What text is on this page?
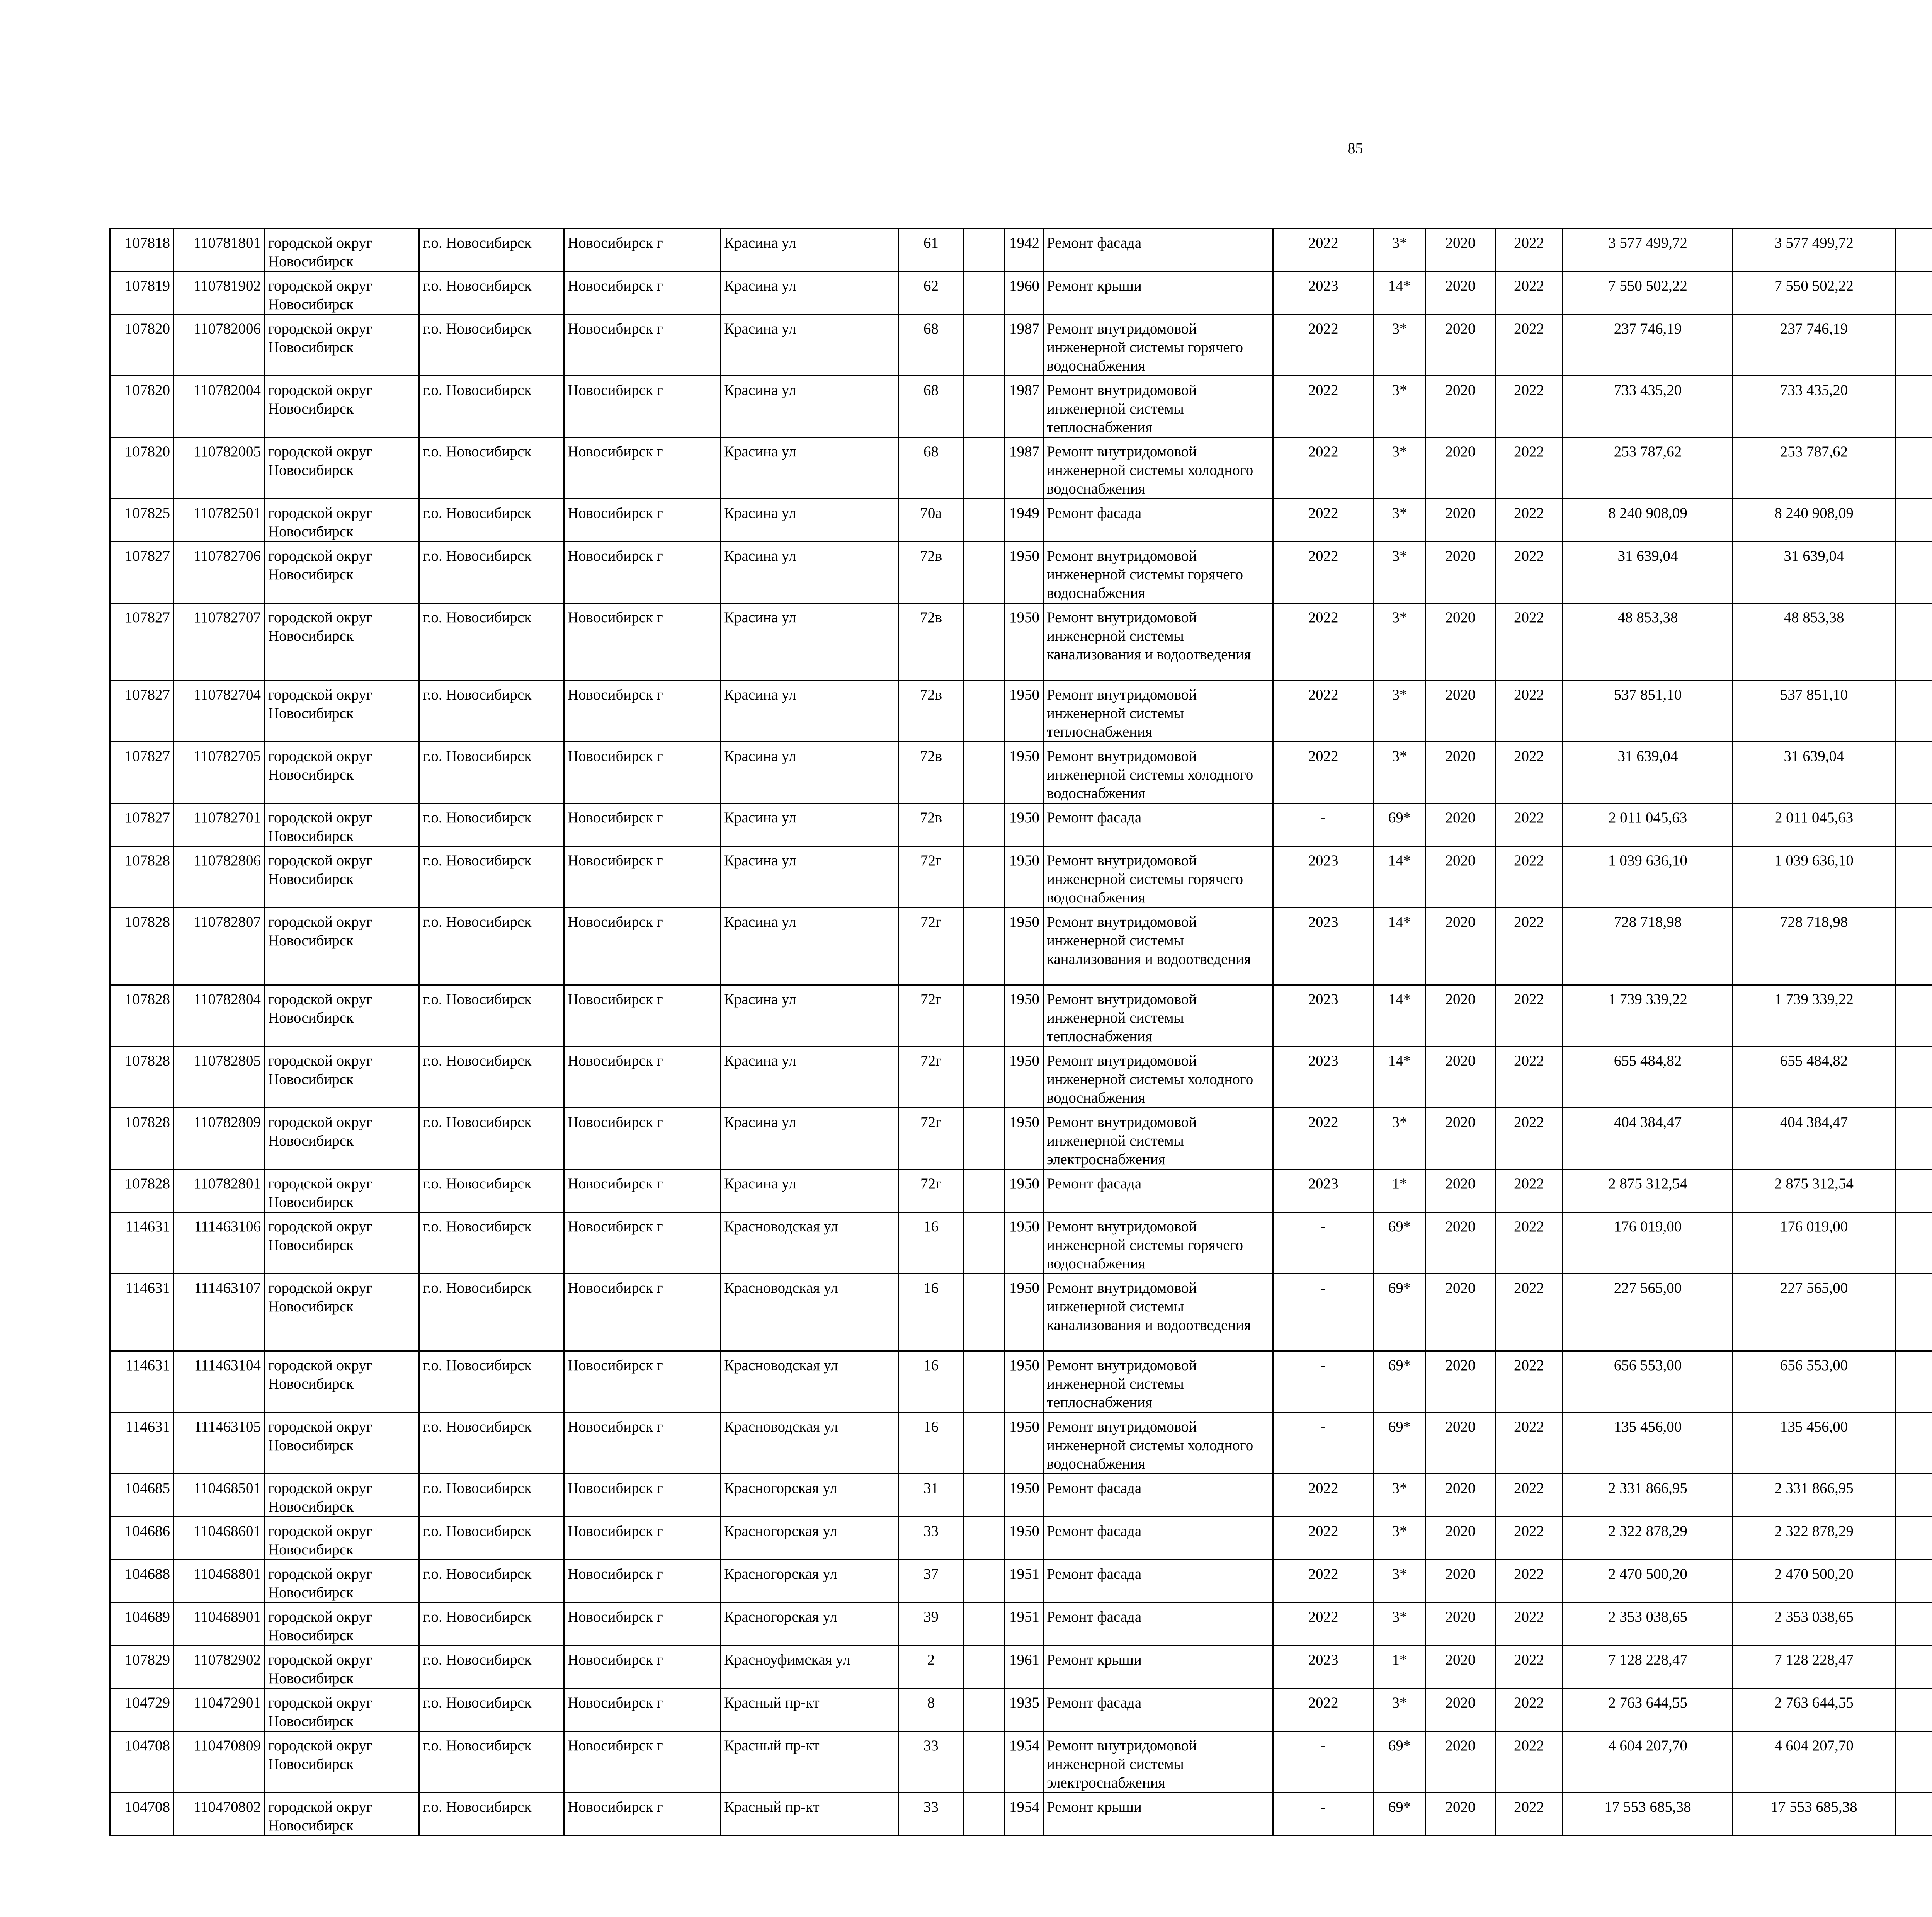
85
107818	110781801	городской округ Новосибирск	г.о. Новосибирск	Новосибирск г	Красина ул	61		1942	Ремонт фасада	2022	3*	2020	2022	3 577 499,72	3 577 499,72						
107819	110781902	городской округ Новосибирск	г.о. Новосибирск	Новосибирск г	Красина ул	62		1960	Ремонт крыши	2023	14*	2020	2022	7 550 502,22	7 550 502,22						
107820	110782006	городской округ Новосибирск	г.о. Новосибирск	Новосибирск г	Красина ул	68		1987	Ремонт внутридомовой инженерной системы горячего водоснабжения	2022	3*	2020	2022	237 746,19	237 746,19						
107820	110782004	городской округ Новосибирск	г.о. Новосибирск	Новосибирск г	Красина ул	68		1987	Ремонт внутридомовой инженерной системы теплоснабжения	2022	3*	2020	2022	733 435,20	733 435,20						
107820	110782005	городской округ Новосибирск	г.о. Новосибирск	Новосибирск г	Красина ул	68		1987	Ремонт внутридомовой инженерной системы холодного водоснабжения	2022	3*	2020	2022	253 787,62	253 787,62						
107825	110782501	городской округ Новосибирск	г.о. Новосибирск	Новосибирск г	Красина ул	70а		1949	Ремонт фасада	2022	3*	2020	2022	8 240 908,09	8 240 908,09						
107827	110782706	городской округ Новосибирск	г.о. Новосибирск	Новосибирск г	Красина ул	72в		1950	Ремонт внутридомовой инженерной системы горячего водоснабжения	2022	3*	2020	2022	31 639,04	31 639,04						
107827	110782707	городской округ Новосибирск	г.о. Новосибирск	Новосибирск г	Красина ул	72в		1950	Ремонт внутридомовой инженерной системы канализования и водоотведения	2022	3*	2020	2022	48 853,38	48 853,38						
107827	110782704	городской округ Новосибирск	г.о. Новосибирск	Новосибирск г	Красина ул	72в		1950	Ремонт внутридомовой инженерной системы теплоснабжения	2022	3*	2020	2022	537 851,10	537 851,10						
107827	110782705	городской округ Новосибирск	г.о. Новосибирск	Новосибирск г	Красина ул	72в		1950	Ремонт внутридомовой инженерной системы холодного водоснабжения	2022	3*	2020	2022	31 639,04	31 639,04						
107827	110782701	городской округ Новосибирск	г.о. Новосибирск	Новосибирск г	Красина ул	72в		1950	Ремонт фасада	-	69*	2020	2022	2 011 045,63	2 011 045,63						
107828	110782806	городской округ Новосибирск	г.о. Новосибирск	Новосибирск г	Красина ул	72г		1950	Ремонт внутридомовой инженерной системы горячего водоснабжения	2023	14*	2020	2022	1 039 636,10	1 039 636,10						
107828	110782807	городской округ Новосибирск	г.о. Новосибирск	Новосибирск г	Красина ул	72г		1950	Ремонт внутридомовой инженерной системы канализования и водоотведения	2023	14*	2020	2022	728 718,98	728 718,98						
107828	110782804	городской округ Новосибирск	г.о. Новосибирск	Новосибирск г	Красина ул	72г		1950	Ремонт внутридомовой инженерной системы теплоснабжения	2023	14*	2020	2022	1 739 339,22	1 739 339,22						
107828	110782805	городской округ Новосибирск	г.о. Новосибирск	Новосибирск г	Красина ул	72г		1950	Ремонт внутридомовой инженерной системы холодного водоснабжения	2023	14*	2020	2022	655 484,82	655 484,82						
107828	110782809	городской округ Новосибирск	г.о. Новосибирск	Новосибирск г	Красина ул	72г		1950	Ремонт внутридомовой инженерной системы электроснабжения	2022	3*	2020	2022	404 384,47	404 384,47						
107828	110782801	городской округ Новосибирск	г.о. Новосибирск	Новосибирск г	Красина ул	72г		1950	Ремонт фасада	2023	1*	2020	2022	2 875 312,54	2 875 312,54						
114631	111463106	городской округ Новосибирск	г.о. Новосибирск	Новосибирск г	Красноводская ул	16		1950	Ремонт внутридомовой инженерной системы горячего водоснабжения	-	69*	2020	2022	176 019,00	176 019,00						
114631	111463107	городской округ Новосибирск	г.о. Новосибирск	Новосибирск г	Красноводская ул	16		1950	Ремонт внутридомовой инженерной системы канализования и водоотведения	-	69*	2020	2022	227 565,00	227 565,00						
114631	111463104	городской округ Новосибирск	г.о. Новосибирск	Новосибирск г	Красноводская ул	16		1950	Ремонт внутридомовой инженерной системы теплоснабжения	-	69*	2020	2022	656 553,00	656 553,00						
114631	111463105	городской округ Новосибирск	г.о. Новосибирск	Новосибирск г	Красноводская ул	16		1950	Ремонт внутридомовой инженерной системы холодного водоснабжения	-	69*	2020	2022	135 456,00	135 456,00						
104685	110468501	городской округ Новосибирск	г.о. Новосибирск	Новосибирск г	Красногорская ул	31		1950	Ремонт фасада	2022	3*	2020	2022	2 331 866,95	2 331 866,95						
104686	110468601	городской округ Новосибирск	г.о. Новосибирск	Новосибирск г	Красногорская ул	33		1950	Ремонт фасада	2022	3*	2020	2022	2 322 878,29	2 322 878,29						
104688	110468801	городской округ Новосибирск	г.о. Новосибирск	Новосибирск г	Красногорская ул	37		1951	Ремонт фасада	2022	3*	2020	2022	2 470 500,20	2 470 500,20						
104689	110468901	городской округ Новосибирск	г.о. Новосибирск	Новосибирск г	Красногорская ул	39		1951	Ремонт фасада	2022	3*	2020	2022	2 353 038,65	2 353 038,65						
107829	110782902	городской округ Новосибирск	г.о. Новосибирск	Новосибирск г	Красноуфимская ул	2		1961	Ремонт крыши	2023	1*	2020	2022	7 128 228,47	7 128 228,47						
104729	110472901	городской округ Новосибирск	г.о. Новосибирск	Новосибирск г	Красный пр-кт	8		1935	Ремонт фасада	2022	3*	2020	2022	2 763 644,55	2 763 644,55						
104708	110470809	городской округ Новосибирск	г.о. Новосибирск	Новосибирск г	Красный пр-кт	33		1954	Ремонт внутридомовой инженерной системы электроснабжения	-	69*	2020	2022	4 604 207,70	4 604 207,70						
104708	110470802	городской округ Новосибирск	г.о. Новосибирск	Новосибирск г	Красный пр-кт	33		1954	Ремонт крыши	-	69*	2020	2022	17 553 685,38	17 553 685,38						
